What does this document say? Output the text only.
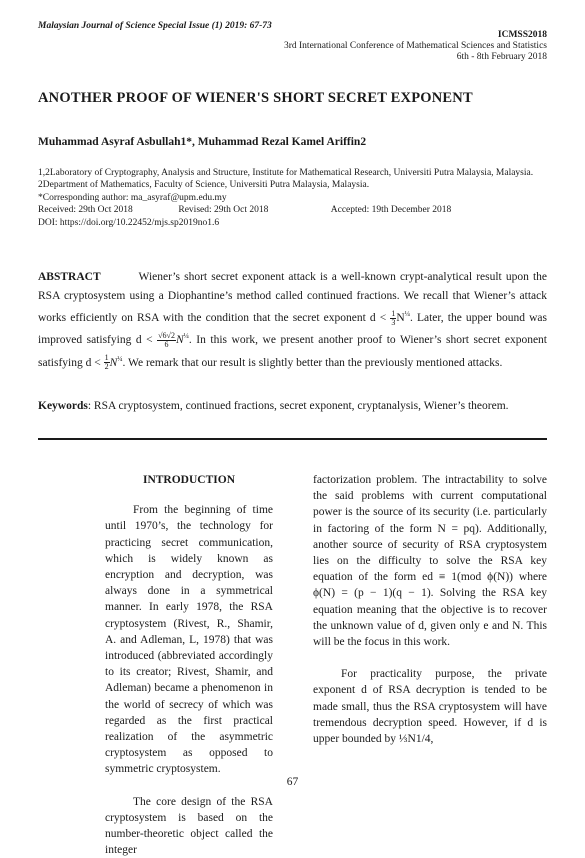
Malaysian Journal of Science Special Issue (1) 2019: 67-73
ICMSS2018
3rd International Conference of Mathematical Sciences and Statistics
6th - 8th February 2018
ANOTHER PROOF OF WIENER'S SHORT SECRET EXPONENT
Muhammad Asyraf Asbullah1*, Muhammad Rezal Kamel Ariffin2
1,2Laboratory of Cryptography, Analysis and Structure, Institute for Mathematical Research, Universiti Putra Malaysia, Malaysia.
2Department of Mathematics, Faculty of Science, Universiti Putra Malaysia, Malaysia.
*Corresponding author: ma_asyraf@upm.edu.my
Received: 29th Oct 2018	Revised: 29th Oct 2018	Accepted: 19th December 2018
DOI: https://doi.org/10.22452/mjs.sp2019no1.6
ABSTRACT	Wiener’s short secret exponent attack is a well-known crypt-analytical result upon the RSA cryptosystem using a Diophantine’s method called continued fractions. We recall that Wiener’s attack works efficiently on RSA with the condition that the secret exponent $d < \frac{1}{3} N^{\frac{1}{4}}$. Later, the upper bound was improved satisfying $d < \frac{√6√2}{6} N^{\frac{1}{4}}$. In this work, we present another proof to Wiener’s short secret exponent satisfying $d < \frac{1}{2} N^{\frac{1}{4}}$. We remark that our result is slightly better than the previously mentioned attacks.
Keywords: RSA cryptosystem, continued fractions, secret exponent, cryptanalysis, Wiener’s theorem.
INTRODUCTION

From the beginning of time until 1970’s, the technology for practicing secret communication, which is widely known as encryption and decryption, was always done in a symmetrical manner. In early 1978, the RSA cryptosystem (Rivest, R., Shamir, A. and Adleman, L, 1978) that was introduced (abbreviated accordingly to its creator; Rivest, Shamir, and Adleman) became a phenomenon in the world of secrecy of which was regarded as the first practical realization of the asymmetric cryptosystem as opposed to symmetric cryptosystem.

The core design of the RSA cryptosystem is based on the number-theoretic object called the integer

factorization problem. The intractability to solve the said problems with current computational power is the source of its security (i.e. particularly in factoring of the form N = pq). Additionally, another source of security of RSA cryptosystem lies on the difficulty to solve the RSA key equation of the form ed ≡ 1(mod ϕ(N)) where ϕ(N) = (p − 1)(q − 1). Solving the RSA key equation meaning that the objective is to recover the unknown value of d, given only e and N. This will be the focus in this work.

For practicality purpose, the private exponent d of RSA decryption is tended to be made small, thus the RSA cryptosystem will have tremendous decryption speed. However, if d is upper bounded by ⅓N1/4,

67
